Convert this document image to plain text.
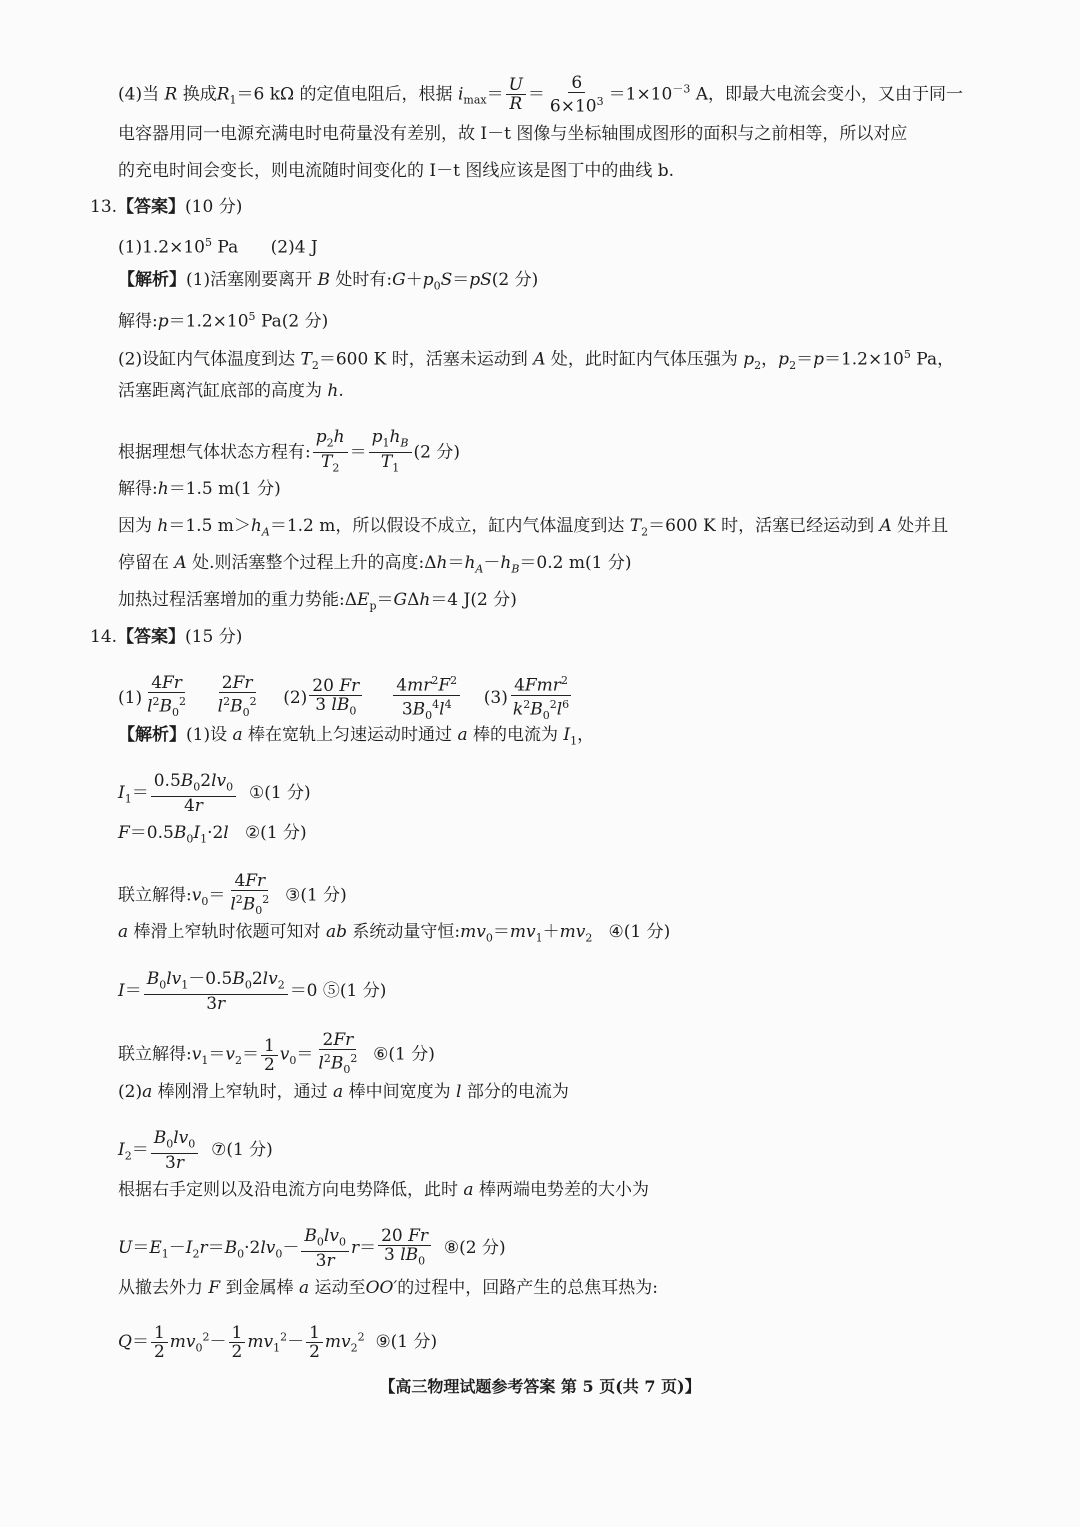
(4)当 R 换成$R_1=6$ kΩ 的定值电阻后，根据 $i_{max}= \frac{U}{R} = \frac{6}{6\times 10^3} =1\times 10^{-3}$ A，即最大电流会变小，又由于同一
电容器用同一电源充满电时电荷量没有差别，故 I－t 图像与坐标轴围成图形的面积与之前相等，所以对应
的充电时间会变长，则电流随时间变化的 I－t 图线应该是图丁中的曲线 b.
13.【答案】(10 分)
$(1)1.2\times 10^5$ Pa      (2)4 J
【解析】(1)活塞刚要离开 B 处时有$:G+p_0S=pS(2$ 分)
解得$:p=1.2\times 10^5$ Pa(2 分)
(2)设缸内气体温度到达 $T_2=600$ K 时，活塞未运动到 A 处，此时缸内气体压强为 $p_2$，$p_2=p=1.2\times 10^5$ Pa，
活塞距离汽缸底部的高度为 h.
根据理想气体状态方程有: $\frac{p_2h}{T_2} = \frac{p_1h_B}{T_1} (2$ 分)
解得:h＝1.5 m(1 分)
因为 h＝1.5 $m>h_A=1.2$ m，所以假设不成立，缸内气体温度到达 $T_2=600$ K 时，活塞已经运动到 A 处并且
停留在 A 处.则活塞整个过程上升的高度$:\Delta h=h_A-h_B=0.2$ m(1 分)
加热过程活塞增加的重力势能$:\Delta E_p=G\Delta h=4$ J(2 分)
14.【答案】(15 分)
$(1) \frac{4Fr}{l^2B_0^2}$
$\frac{2Fr}{l^2B_0^2} (2) \frac{20 Fr}{3 lB_0}$
$\frac{4mr^2F^2}{3B_0^4l^4} (3) \frac{4Fmr^2}{k^2B_0^2l^6}$
【解析】(1)设 a 棒在宽轨上匀速运动时通过 a 棒的电流为 $I_1$，
$I_1= \frac{0.5B_02lv_0}{4r}$ ①(1 分)
$F=0.5B_0I_1\cdot 2l$   ②(1 分)
联立解得$:v_0= \frac{4Fr}{l^2B_0^2}$ ③(1 分)
a 棒滑上窄轨时依题可知对 ab 系统动量守恒$:mv_0=mv_1+mv_2$   ④(1 分)
$I= \frac{B_0lv_1-0.5B_02lv_2}{3r} =0$ ⑤(1 分)
联立解得$:v_1=v_2= \frac{1}{2} v_0= \frac{2Fr}{l^2B_0^2}$ ⑥(1 分)
(2)a 棒刚滑上窄轨时，通过 a 棒中间宽度为 l 部分的电流为
$I_2= \frac{B_0lv_0}{3r}$ ⑦(1 分)
根据右手定则以及沿电流方向电势降低，此时 a 棒两端电势差的大小为
$U=E_1-I_2r=B_0\cdot 2lv_0- \frac{B_0lv_0}{3r} r= \frac{20 Fr}{3 lB_0}$ ⑧(2 分)
从撤去外力 F 到金属棒 a 运动至OO′的过程中，回路产生的总焦耳热为:
$Q= \frac{1}{2} mv_0^2- \frac{1}{2} mv_1^2- \frac{1}{2} mv_2^2$ ⑨(1 分)
【高三物理试题参考答案 第 5 页(共 7 页)】
